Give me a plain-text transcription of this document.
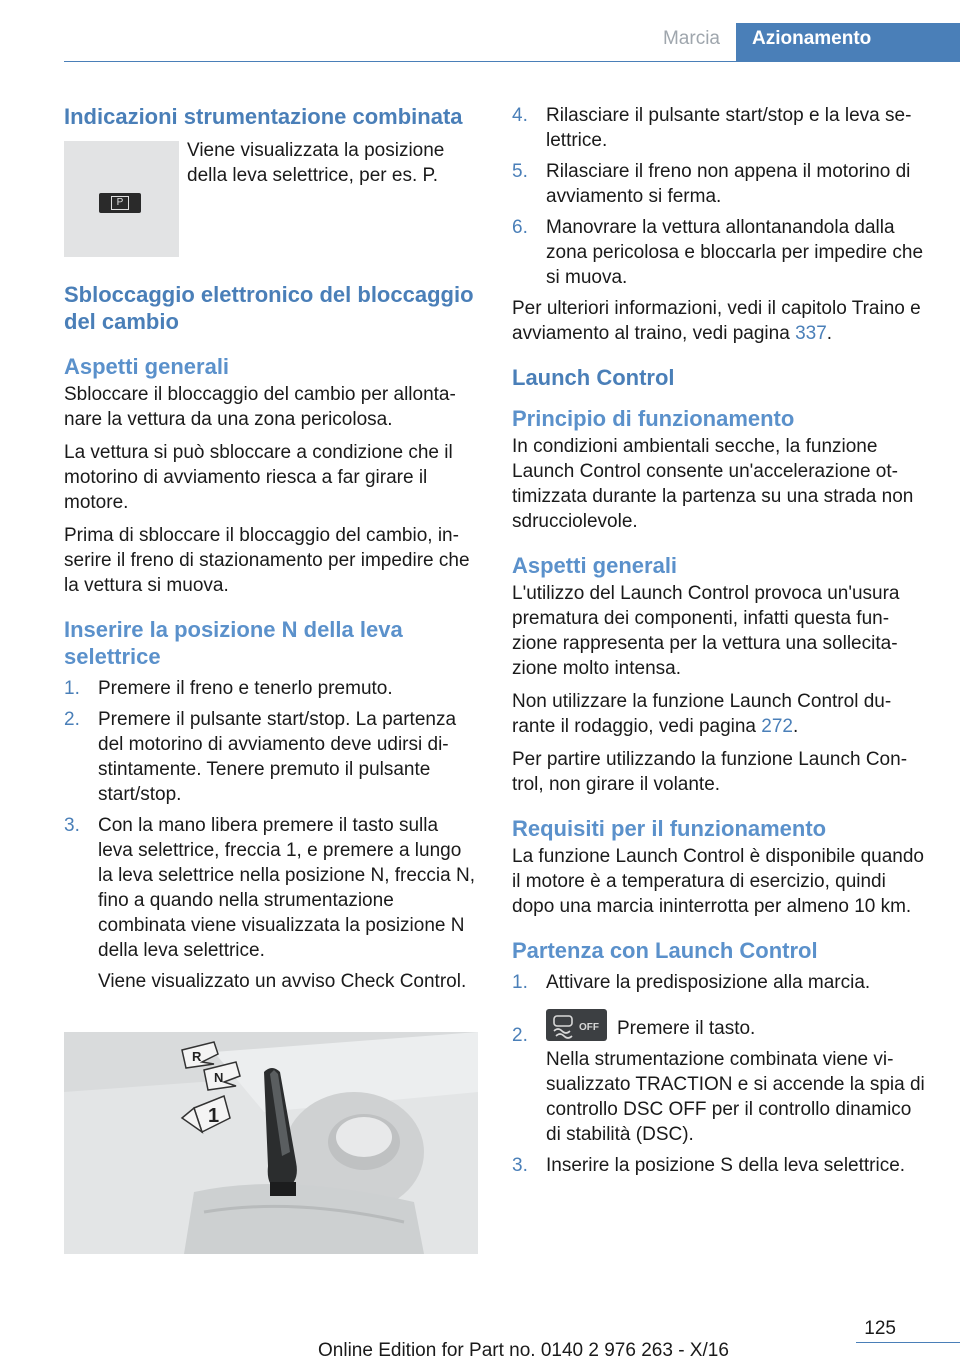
Marcia	Azionamento
Indicazioni strumentazione combinata
P

Viene visualizzata la posizione della leva selettrice, per es. P.

Sbloccaggio elettronico del bloccaggio del cambio
Aspetti generali

Sbloccare il bloccaggio del cambio per allontanare la vettura da una zona pericolosa.

La vettura si può sbloccare a condizione che il motorino di avviamento riesca a far girare il motore.

Prima di sbloccare il bloccaggio del cambio, inserire il freno di stazionamento per impedire che la vettura si muova.

Inserire la posizione N della leva selettrice
1. Premere il freno e tenerlo premuto.
2. Premere il pulsante start/stop. La partenza del motorino di avviamento deve udirsi distintamente. Tenere premuto il pulsante start/stop.
3. Con la mano libera premere il tasto sulla leva selettrice, freccia 1, e premere a lungo la leva selettrice nella posizione N, freccia N, fino a quando nella strumentazione combinata viene visualizzata la posizione N della leva selettrice.

Viene visualizzato un avviso Check Control.

R
N
1
4. Rilasciare il pulsante start/stop e la leva selettrice.
5. Rilasciare il freno non appena il motorino di avviamento si ferma.
6. Manovrare la vettura allontanandola dalla zona pericolosa e bloccarla per impedire che si muova.

Per ulteriori informazioni, vedi il capitolo Traino e avviamento al traino, vedi pagina 337.

Launch Control
Principio di funzionamento

In condizioni ambientali secche, la funzione Launch Control consente un'accelerazione ottimizzata durante la partenza su una strada non sdrucciolevole.

Aspetti generali

L'utilizzo del Launch Control provoca un'usura prematura dei componenti, infatti questa funzione rappresenta per la vettura una sollecitazione molto intensa.

Non utilizzare la funzione Launch Control durante il rodaggio, vedi pagina 272.

Per partire utilizzando la funzione Launch Control, non girare il volante.

Requisiti per il funzionamento

La funzione Launch Control è disponibile quando il motore è a temperatura di esercizio, quindi dopo una marcia ininterrotta per almeno 10 km.

Partenza con Launch Control
1. Attivare la predisposizione alla marcia.
2.	OFF Premere il tasto.

Nella strumentazione combinata viene visualizzato TRACTION e si accende la spia di controllo DSC OFF per il controllo dinamico di stabilità (DSC).

3. Inserire la posizione S della leva selettrice.
125
Online Edition for Part no. 0140 2 976 263 - X/16
